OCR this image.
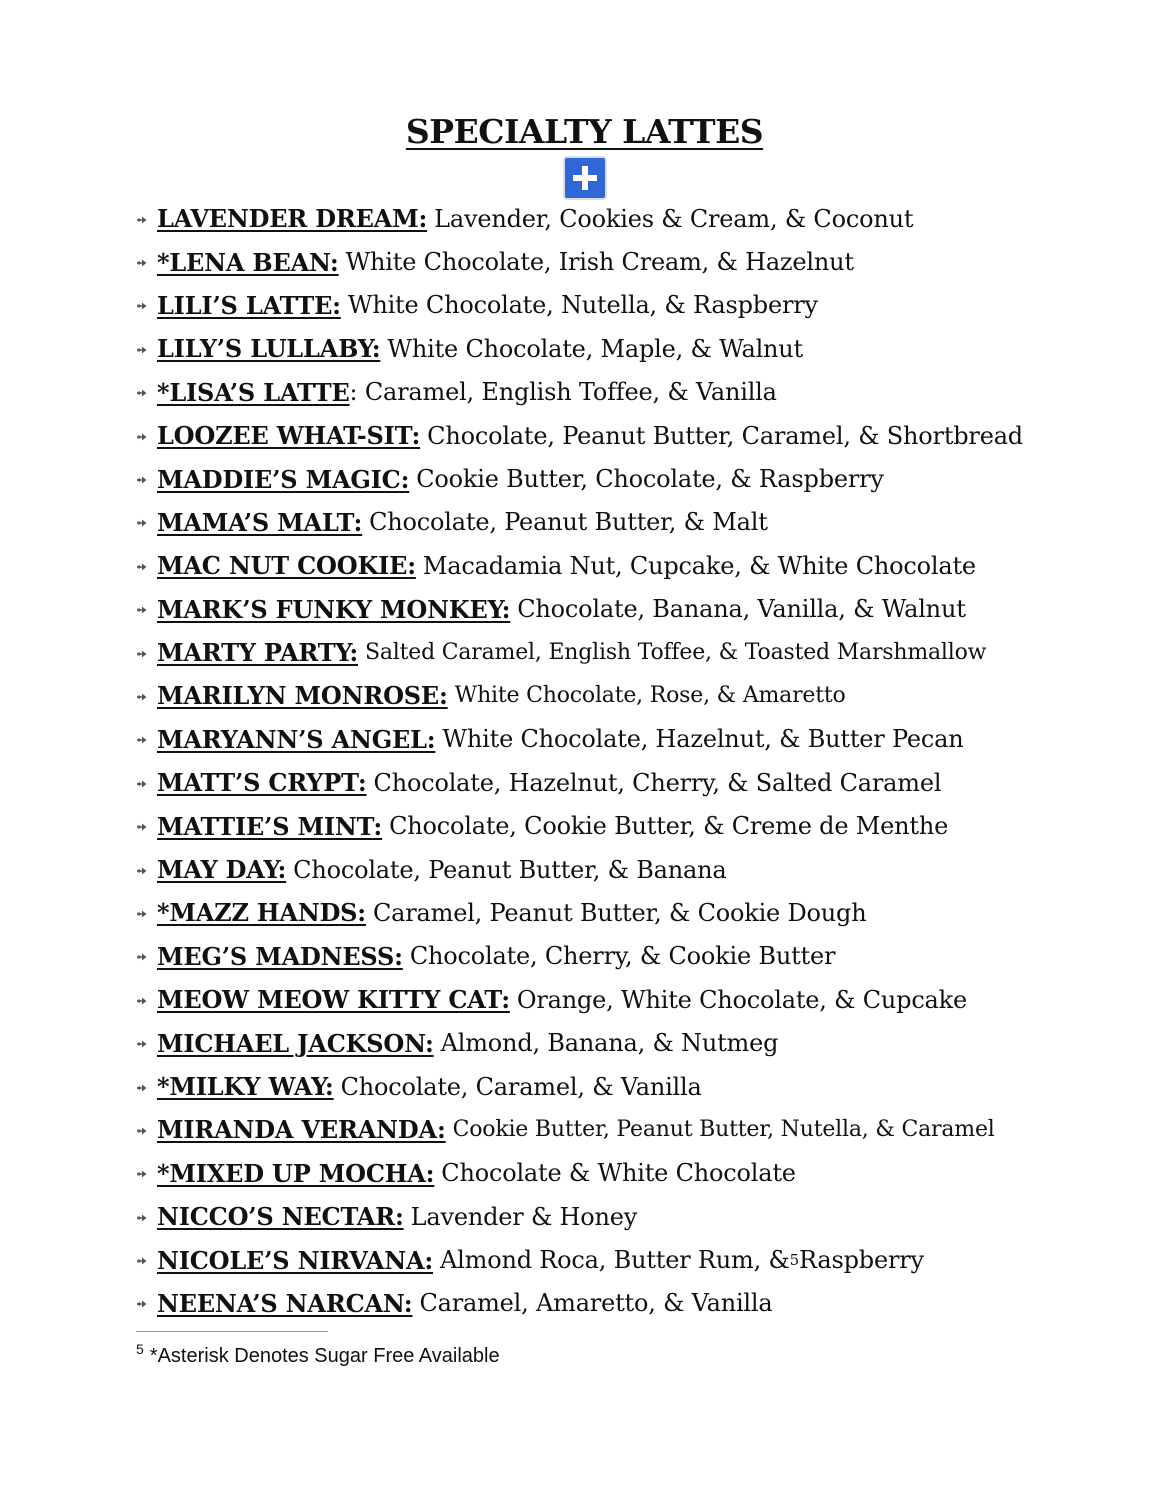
SPECIALTY LATTES
LAVENDER DREAM: Lavender, Cookies & Cream, & Coconut
*LENA BEAN: White Chocolate, Irish Cream, & Hazelnut
LILI’S LATTE: White Chocolate, Nutella, & Raspberry
LILY’S LULLABY: White Chocolate, Maple, & Walnut
*LISA’S LATTE : Caramel, English Toffee, & Vanilla
LOOZEE WHAT-SIT: Chocolate, Peanut Butter, Caramel, & Shortbread
MADDIE’S MAGIC: Cookie Butter, Chocolate, & Raspberry
MAMA’S MALT: Chocolate, Peanut Butter, & Malt
MAC NUT COOKIE: Macadamia Nut, Cupcake, & White Chocolate
MARK’S FUNKY MONKEY: Chocolate, Banana, Vanilla, & Walnut
MARTY PARTY: Salted Caramel, English Toffee, & Toasted Marshmallow
MARILYN MONROSE: White Chocolate, Rose, & Amaretto
MARYANN’S ANGEL: White Chocolate, Hazelnut, & Butter Pecan
MATT’S CRYPT: Chocolate, Hazelnut, Cherry, & Salted Caramel
MATTIE’S MINT: Chocolate, Cookie Butter, & Creme de Menthe
MAY DAY: Chocolate, Peanut Butter, & Banana
*MAZZ HANDS: Caramel, Peanut Butter, & Cookie Dough
MEG’S MADNESS: Chocolate, Cherry, & Cookie Butter
MEOW MEOW KITTY CAT: Orange, White Chocolate, & Cupcake
MICHAEL JACKSON: Almond, Banana, & Nutmeg
*MILKY WAY: Chocolate, Caramel, & Vanilla
MIRANDA VERANDA: Cookie Butter, Peanut Butter, Nutella, & Caramel
*MIXED UP MOCHA: Chocolate & White Chocolate
NICCO’S NECTAR: Lavender & Honey
NICOLE’S NIRVANA: Almond Roca, Butter Rum, & 5 Raspberry
NEENA’S NARCAN: Caramel, Amaretto, & Vanilla
$^5$ *Asterisk Denotes Sugar Free Available
